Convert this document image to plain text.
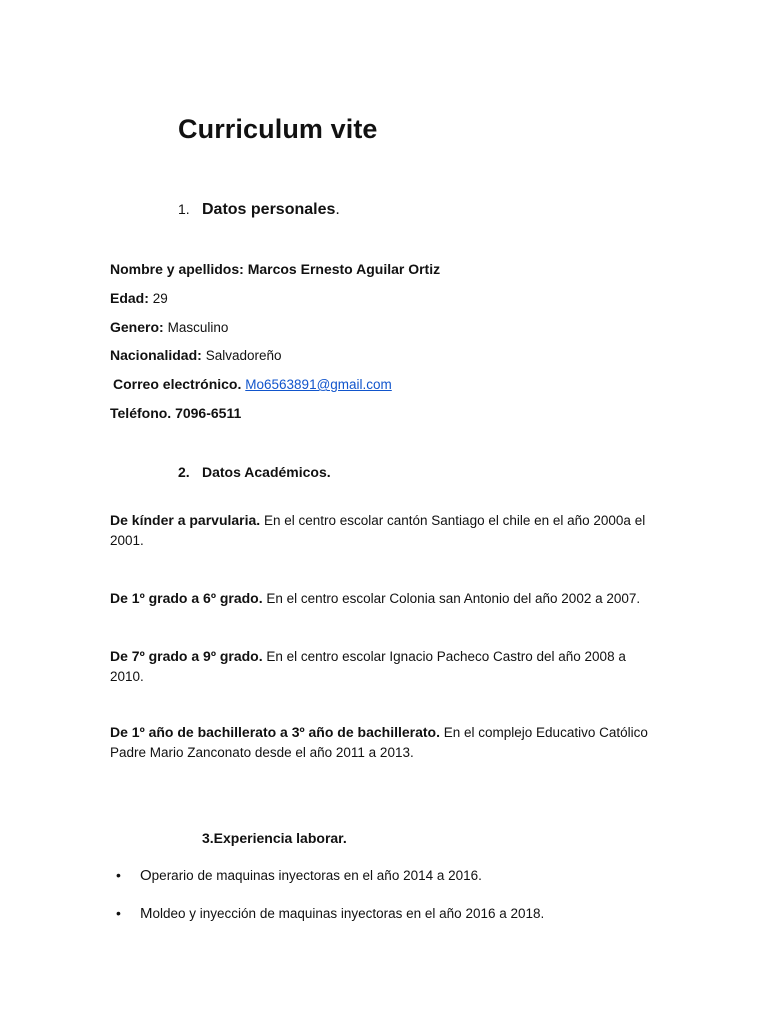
Curriculum vite
1. Datos personales.
Nombre y apellidos: Marcos Ernesto Aguilar Ortiz
Edad: 29
Genero: Masculino
Nacionalidad: Salvadoreño
Correo electrónico. Mo6563891@gmail.com
Teléfono. 7096-6511
2. Datos Académicos.
De kínder a parvularia. En el centro escolar cantón Santiago el chile en el año 2000a el 2001.
De 1º grado a 6º grado. En el centro escolar Colonia san Antonio del año 2002 a 2007.
De 7º grado a 9º grado. En el centro escolar Ignacio Pacheco Castro del año 2008 a 2010.
De 1º año de bachillerato a 3º año de bachillerato. En el complejo Educativo Católico Padre Mario Zanconato desde el año 2011 a 2013.
3.Experiencia laborar.
• Operario de maquinas inyectoras en el año 2014 a 2016.
• Moldeo y inyección de maquinas inyectoras en el año 2016 a 2018.
